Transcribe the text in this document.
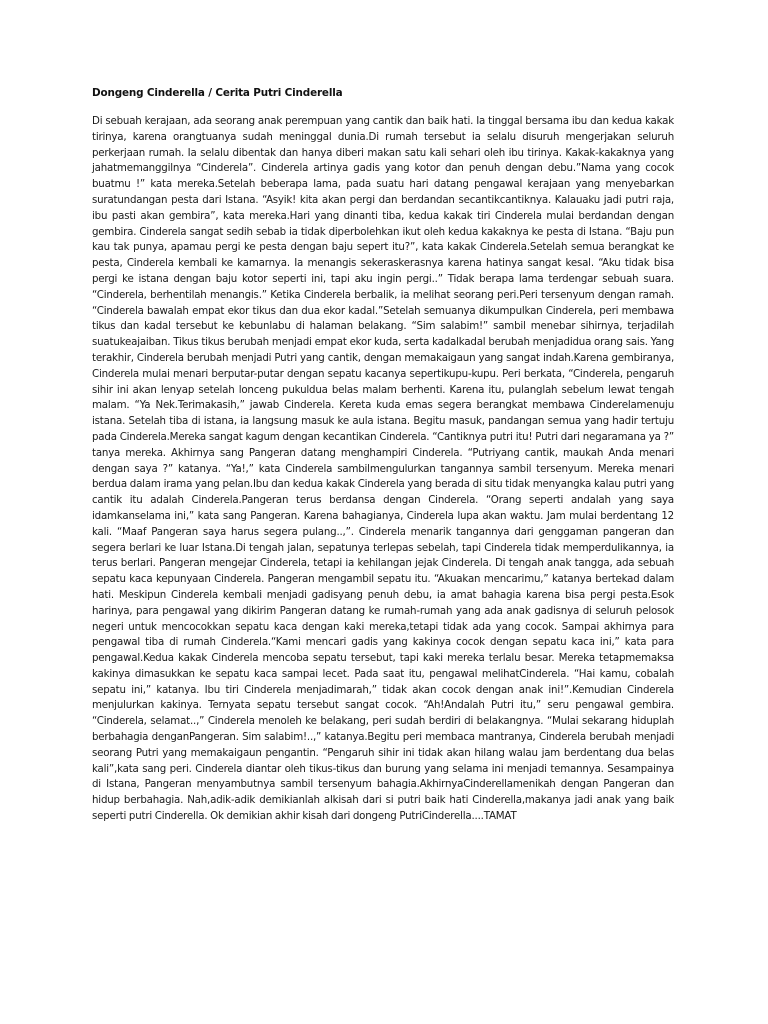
Dongeng Cinderella / Cerita Putri Cinderella

Di sebuah kerajaan, ada seorang anak perempuan yang cantik dan baik hati. Ia tinggal bersama ibu dan kedua kakak tirinya, karena orangtuanya sudah meninggal dunia.Di rumah tersebut ia selalu disuruh mengerjakan seluruh perkerjaan rumah. Ia selalu dibentak dan hanya diberi makan satu kali sehari oleh ibu tirinya. Kakak-kakaknya yang jahatmemanggilnya “Cinderela”. Cinderela artinya gadis yang kotor dan penuh dengan debu.”Nama yang cocok buatmu !” kata mereka.Setelah beberapa lama, pada suatu hari datang pengawal kerajaan yang menyebarkan suratundangan pesta dari Istana. “Asyik! kita akan pergi dan berdandan secantikcantiknya. Kalauaku jadi putri raja, ibu pasti akan gembira”, kata mereka.Hari yang dinanti tiba, kedua kakak tiri Cinderela mulai berdandan dengan gembira. Cinderela sangat sedih sebab ia tidak diperbolehkan ikut oleh kedua kakaknya ke pesta di Istana. “Baju pun kau tak punya, apamau pergi ke pesta dengan baju sepert itu?”, kata kakak Cinderela.Setelah semua berangkat ke pesta, Cinderela kembali ke kamarnya. Ia menangis sekeraskerasnya karena hatinya sangat kesal. “Aku tidak bisa pergi ke istana dengan baju kotor seperti ini, tapi aku ingin pergi..” Tidak berapa lama terdengar sebuah suara. “Cinderela, berhentilah menangis.” Ketika Cinderela berbalik, ia melihat seorang peri.Peri tersenyum dengan ramah. “Cinderela bawalah empat ekor tikus dan dua ekor kadal.”Setelah semuanya dikumpulkan Cinderela, peri membawa tikus dan kadal tersebut ke kebunlabu di halaman belakang. “Sim salabim!” sambil menebar sihirnya, terjadilah suatukeajaiban. Tikus tikus berubah menjadi empat ekor kuda, serta kadalkadal berubah menjadidua orang sais. Yang terakhir, Cinderela berubah menjadi Putri yang cantik, dengan memakaigaun yang sangat indah.Karena gembiranya, Cinderela mulai menari berputar-putar dengan sepatu kacanya sepertikupu-kupu. Peri berkata, “Cinderela, pengaruh sihir ini akan lenyap setelah lonceng pukuldua belas malam berhenti. Karena itu, pulanglah sebelum lewat tengah malam. “Ya Nek.Terimakasih,” jawab Cinderela. Kereta kuda emas segera berangkat membawa Cinderelamenuju istana. Setelah tiba di istana, ia langsung masuk ke aula istana. Begitu masuk, pandangan semua yang hadir tertuju pada Cinderela.Mereka sangat kagum dengan kecantikan Cinderela. “Cantiknya putri itu! Putri dari negaramana ya ?” tanya mereka. Akhirnya sang Pangeran datang menghampiri Cinderela. “Putriyang cantik, maukah Anda menari dengan saya ?” katanya. “Ya!,” kata Cinderela sambilmengulurkan tangannya sambil tersenyum. Mereka menari berdua dalam irama yang pelan.Ibu dan kedua kakak Cinderela yang berada di situ tidak menyangka kalau putri yang cantik itu adalah Cinderela.Pangeran terus berdansa dengan Cinderela. “Orang seperti andalah yang saya idamkanselama ini,” kata sang Pangeran. Karena bahagianya, Cinderela lupa akan waktu. Jam mulai berdentang 12 kali. “Maaf Pangeran saya harus segera pulang..,”. Cinderela menarik tangannya dari genggaman pangeran dan segera berlari ke luar Istana.Di tengah jalan, sepatunya terlepas sebelah, tapi Cinderela tidak memperdulikannya, ia terus berlari. Pangeran mengejar Cinderela, tetapi ia kehilangan jejak Cinderela. Di tengah anak tangga, ada sebuah sepatu kaca kepunyaan Cinderela. Pangeran mengambil sepatu itu. “Akuakan mencarimu,” katanya bertekad dalam hati. Meskipun Cinderela kembali menjadi gadisyang penuh debu, ia amat bahagia karena bisa pergi pesta.Esok harinya, para pengawal yang dikirim Pangeran datang ke rumah-rumah yang ada anak gadisnya di seluruh pelosok negeri untuk mencocokkan sepatu kaca dengan kaki mereka,tetapi tidak ada yang cocok. Sampai akhirnya para pengawal tiba di rumah Cinderela.“Kami mencari gadis yang kakinya cocok dengan sepatu kaca ini,” kata para pengawal.Kedua kakak Cinderela mencoba sepatu tersebut, tapi kaki mereka terlalu besar. Mereka tetapmemaksa kakinya dimasukkan ke sepatu kaca sampai lecet. Pada saat itu, pengawal melihatCinderela. “Hai kamu, cobalah sepatu ini,” katanya. Ibu tiri Cinderela menjadimarah,” tidak akan cocok dengan anak ini!”.Kemudian Cinderela menjulurkan kakinya. Ternyata sepatu tersebut sangat cocok. “Ah!Andalah Putri itu,” seru pengawal gembira. “Cinderela, selamat..,” Cinderela menoleh ke belakang, peri sudah berdiri di belakangnya. “Mulai sekarang hiduplah berbahagia denganPangeran. Sim salabim!..,” katanya.Begitu peri membaca mantranya, Cinderela berubah menjadi seorang Putri yang memakaigaun pengantin. “Pengaruh sihir ini tidak akan hilang walau jam berdentang dua belas kali”,kata sang peri. Cinderela diantar oleh tikus-tikus dan burung yang selama ini menjadi temannya. Sesampainya di Istana, Pangeran menyambutnya sambil tersenyum bahagia.AkhirnyaCinderellamenikah dengan Pangeran dan hidup berbahagia. Nah,adik-adik demikianlah alkisah dari si putri baik hati Cinderella,makanya jadi anak yang baik seperti putri Cinderella. Ok demikian akhir kisah dari dongeng PutriCinderella....TAMAT
